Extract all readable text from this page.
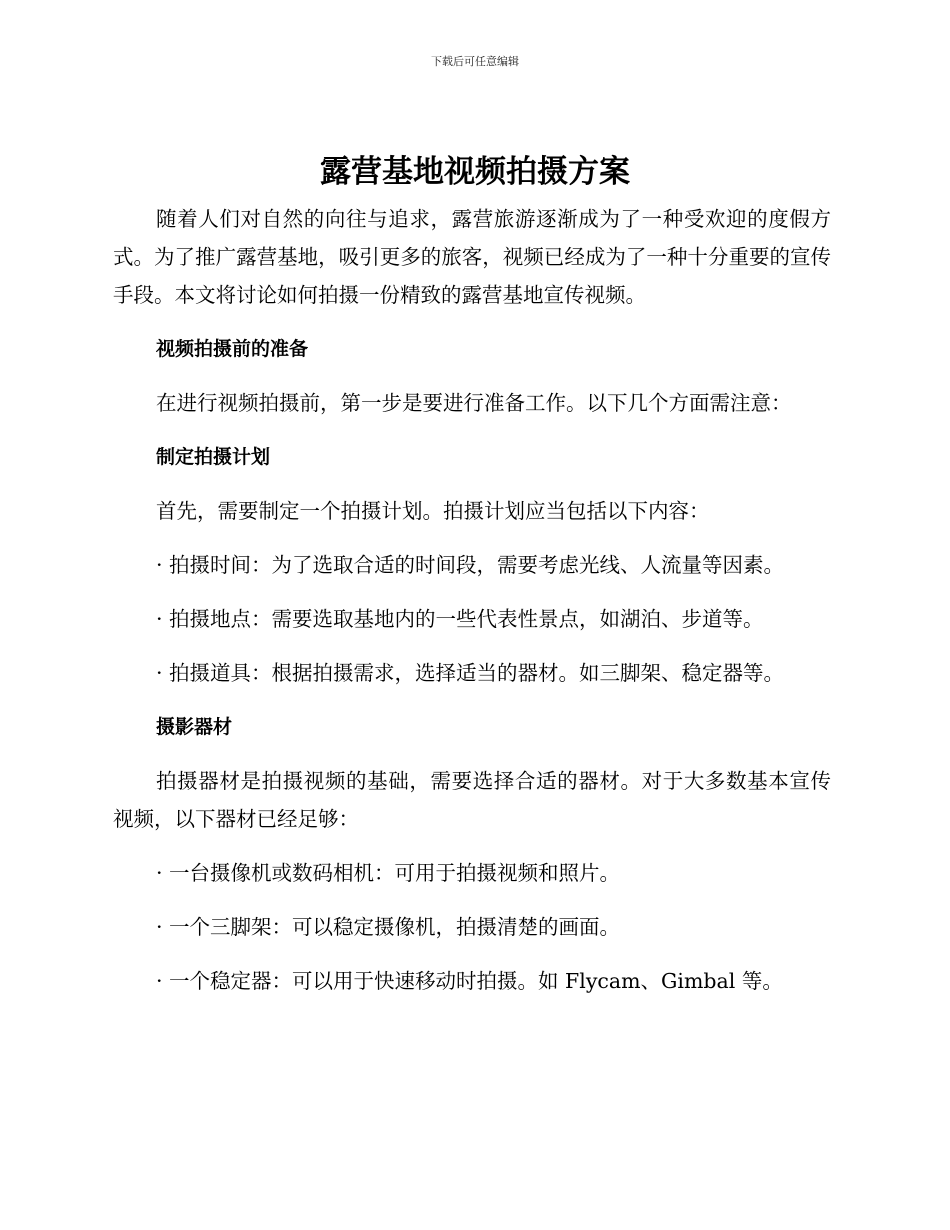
下载后可任意编辑
露营基地视频拍摄方案

随着人们对自然的向往与追求，露营旅游逐渐成为了一种受欢迎的度假方式。为了推广露营基地，吸引更多的旅客，视频已经成为了一种十分重要的宣传手段。本文将讨论如何拍摄一份精致的露营基地宣传视频。

视频拍摄前的准备

在进行视频拍摄前，第一步是要进行准备工作。以下几个方面需注意：

制定拍摄计划

首先，需要制定一个拍摄计划。拍摄计划应当包括以下内容：

· 拍摄时间：为了选取合适的时间段，需要考虑光线、人流量等因素。

· 拍摄地点：需要选取基地内的一些代表性景点，如湖泊、步道等。

· 拍摄道具：根据拍摄需求，选择适当的器材。如三脚架、稳定器等。

摄影器材

拍摄器材是拍摄视频的基础，需要选择合适的器材。对于大多数基本宣传视频，以下器材已经足够：

· 一台摄像机或数码相机：可用于拍摄视频和照片。

· 一个三脚架：可以稳定摄像机，拍摄清楚的画面。

· 一个稳定器：可以用于快速移动时拍摄。如 Flycam、Gimbal 等。
